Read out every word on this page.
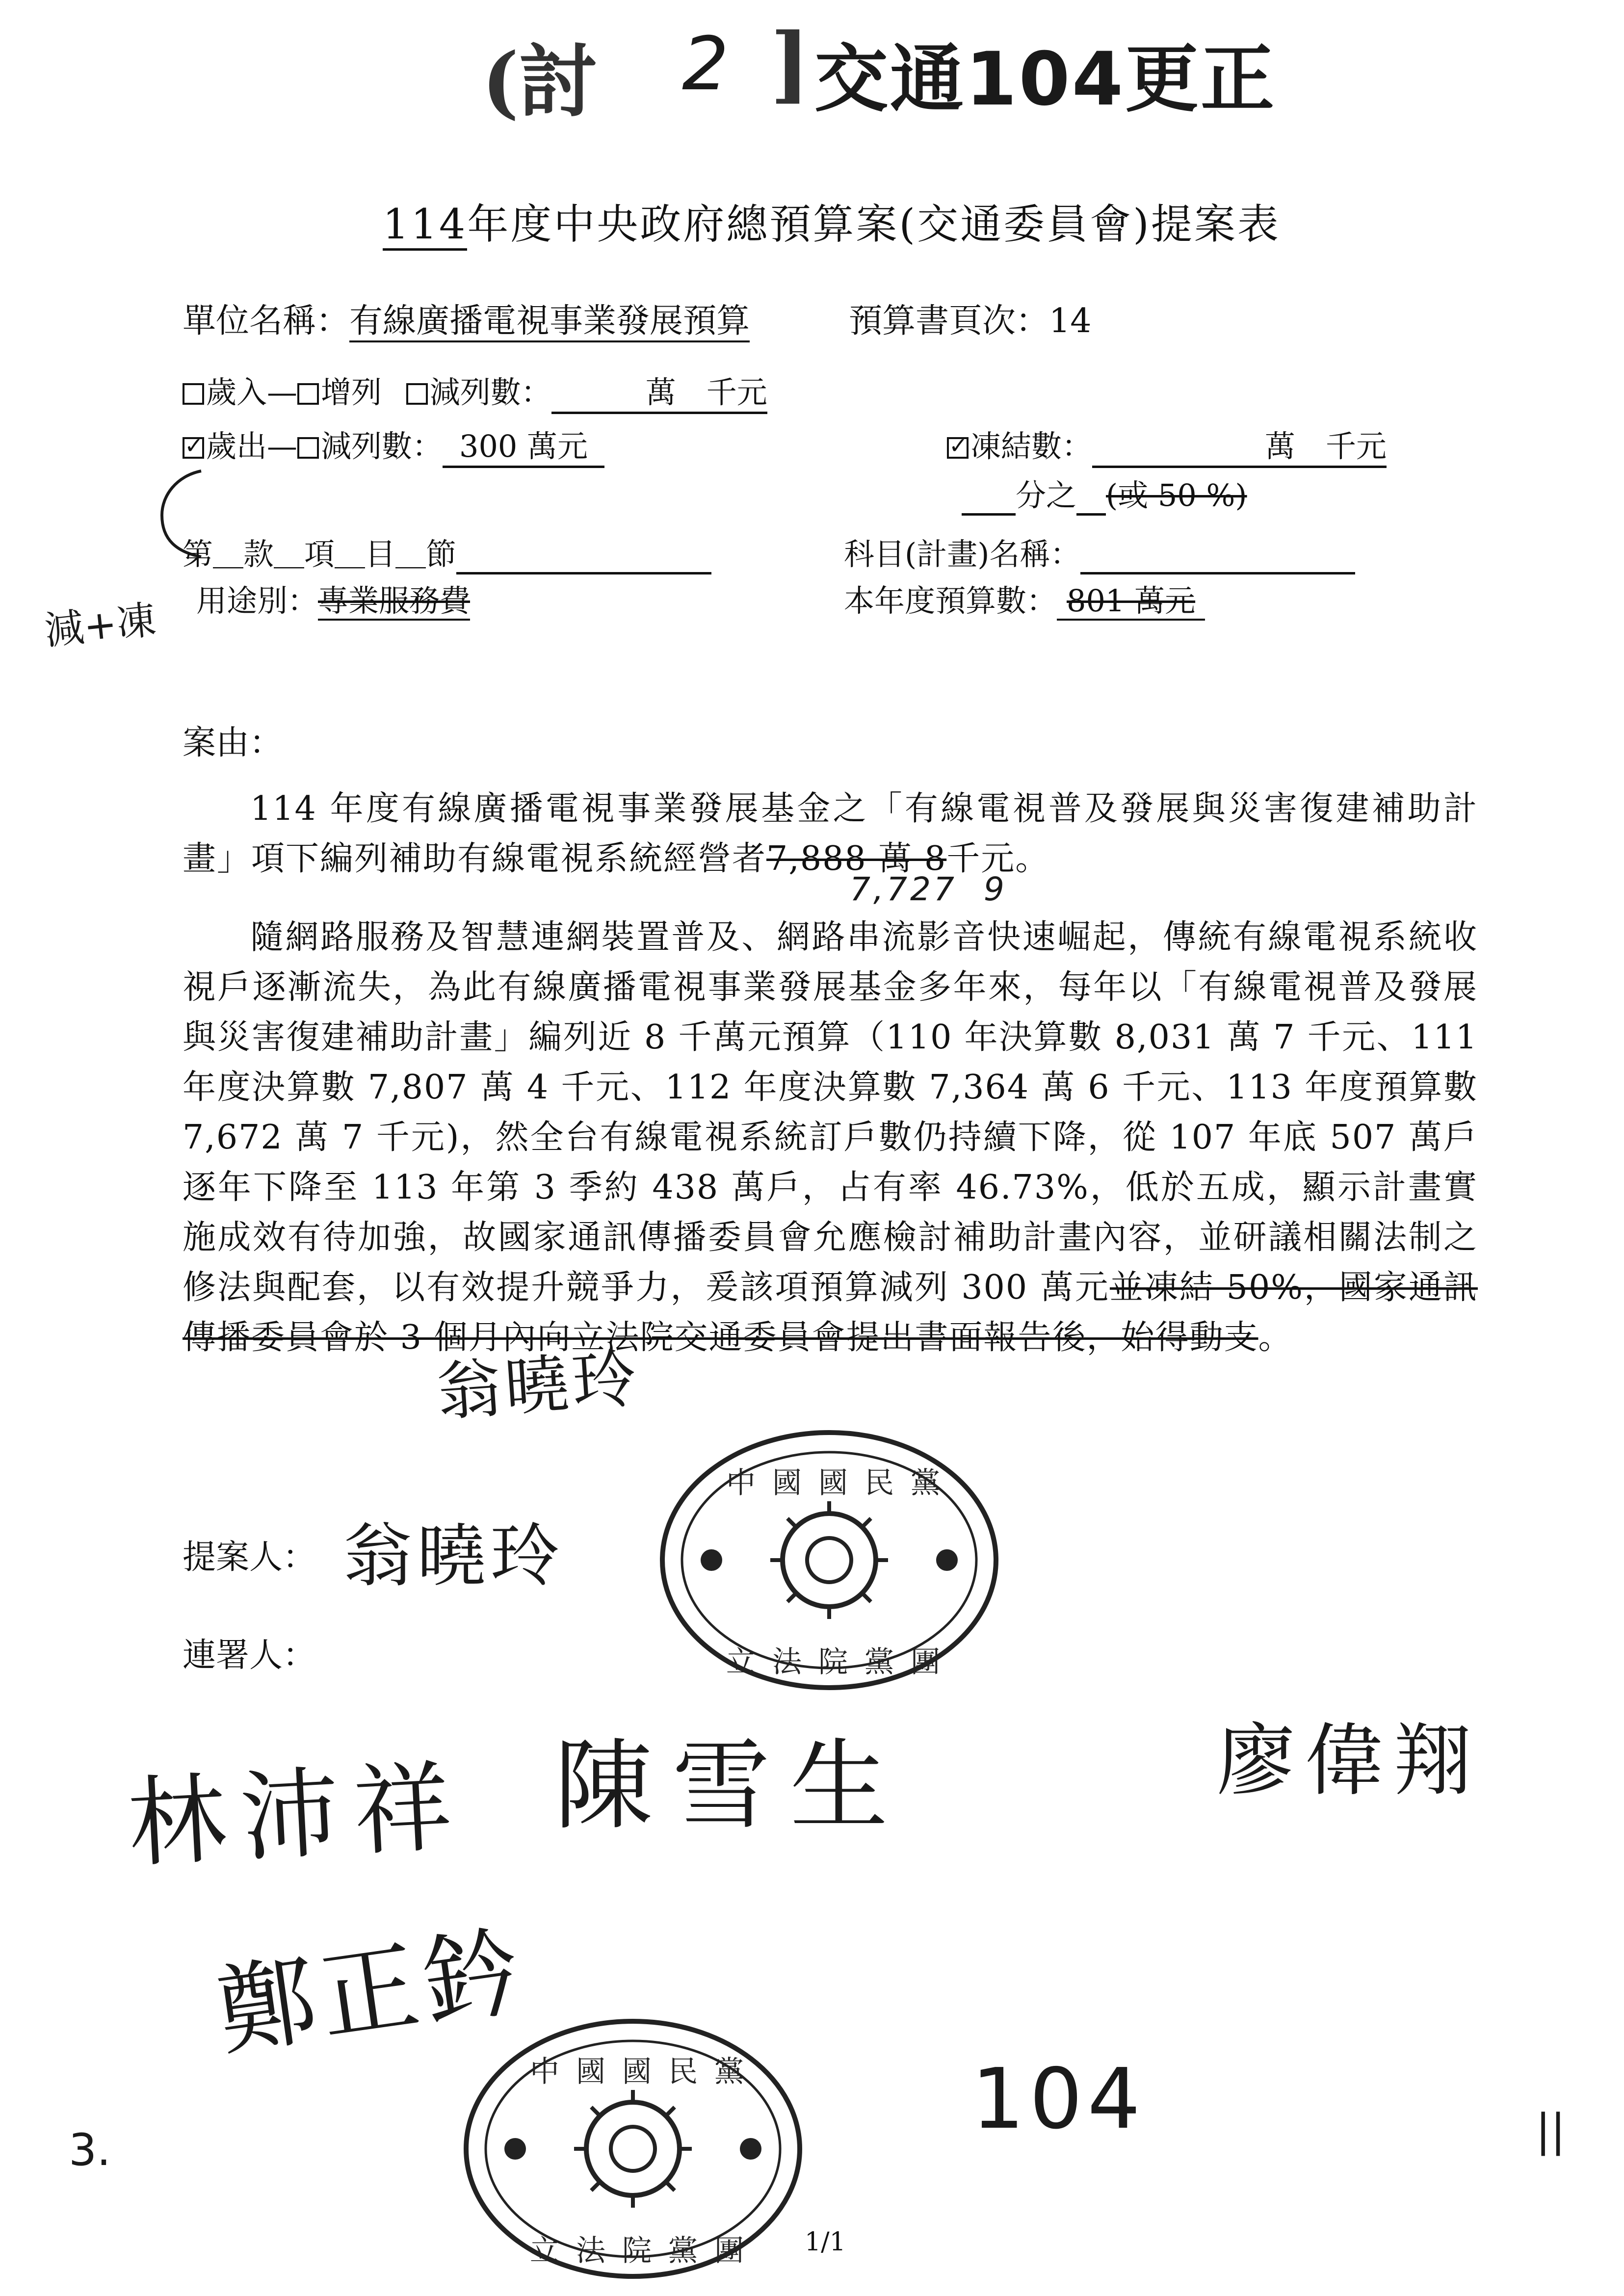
(討 2 ] 交通104更正
114年度中央政府總預算案(交通委員會)提案表
單位名稱：有線廣播電視事業發展預算	預算書頁次：14
歲入— 增列 減列數：	萬　千元
✓歲出— 減列數： 300 萬元
✓	凍結數：	萬　千元
分之 (或 50 %)
第＿款＿項＿目＿節	科目(計畫)名稱：
用途別：專業服務費	本年度預算數： 801 萬元
減+凍
案由：

114 年度有線廣播電視事業發展基金之「有線電視普及發展與災害復建補助計畫」項下編列補助有線電視系統經營者7,888 萬 8千元。

7,727  9

隨網路服務及智慧連網裝置普及、網路串流影音快速崛起，傳統有線電視系統收視戶逐漸流失，為此有線廣播電視事業發展基金多年來，每年以「有線電視普及發展與災害復建補助計畫」編列近 8 千萬元預算（110 年決算數 8,031 萬 7 千元、111 年度決算數 7,807 萬 4 千元、112 年度決算數 7,364 萬 6 千元、113 年度預算數 7,672 萬 7 千元)，然全台有線電視系統訂戶數仍持續下降，從 107 年底 507 萬戶逐年下降至 113 年第 3 季約 438 萬戶，占有率 46.73%，低於五成，顯示計畫實施成效有待加強，故國家通訊傳播委員會允應檢討補助計畫內容，並研議相關法制之修法與配套，以有效提升競爭力，爰該項預算減列 300 萬元並凍結 50%，國家通訊傳播委員會於 3 個月內向立法院交通委員會提出書面報告後，始得動支。

翁曉玲
提案人： 翁曉玲
連署人：
林沛祥 陳雪生	廖偉翔
鄭正鈐
中國國民黨
立法院黨團
中國國民黨
立法院黨團
104
1/1
3.	||
